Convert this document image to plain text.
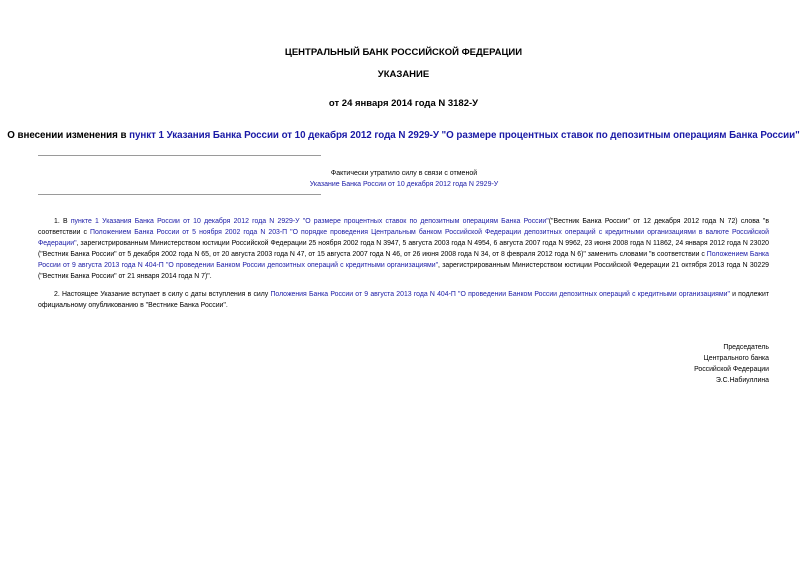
ЦЕНТРАЛЬНЫЙ БАНК РОССИЙСКОЙ ФЕДЕРАЦИИ
УКАЗАНИЕ
от 24 января 2014 года N 3182-У
О внесении изменения в пункт 1 Указания Банка России от 10 декабря 2012 года N 2929-У "О размере процентных ставок по депозитным операциям Банка России"
Фактически утратило силу в связи с отменой
Указание Банка России от 10 декабря 2012 года N 2929-У
1. В пункте 1 Указания Банка России от 10 декабря 2012 года N 2929-У "О размере процентных ставок по депозитным операциям Банка России"("Вестник Банка России" от 12 декабря 2012 года N 72) слова "в соответствии с Положением Банка России от 5 ноября 2002 года N 203-П "О порядке проведения Центральным банком Российской Федерации депозитных операций с кредитными организациями в валюте Российской Федерации", зарегистрированным Министерством юстиции Российской Федерации 25 ноября 2002 года N 3947, 5 августа 2003 года N 4954, 6 августа 2007 года N 9962, 23 июня 2008 года N 11862, 24 января 2012 года N 23020 ("Вестник Банка России" от 5 декабря 2002 года N 65, от 20 августа 2003 года N 47, от 15 августа 2007 года N 46, от 26 июня 2008 года N 34, от 8 февраля 2012 года N 6)" заменить словами "в соответствии с Положением Банка России от 9 августа 2013 года N 404-П "О проведении Банком России депозитных операций с кредитными организациями", зарегистрированным Министерством юстиции Российской Федерации 21 октября 2013 года N 30229 ("Вестник Банка России" от 21 января 2014 года N 7)".
2. Настоящее Указание вступает в силу с даты вступления в силу Положения Банка России от 9 августа 2013 года N 404-П "О проведении Банком России депозитных операций с кредитными организациями" и подлежит официальному опубликованию в "Вестнике Банка России".
Председатель
Центрального банка
Российской Федерации
Э.С.Набиуллина
